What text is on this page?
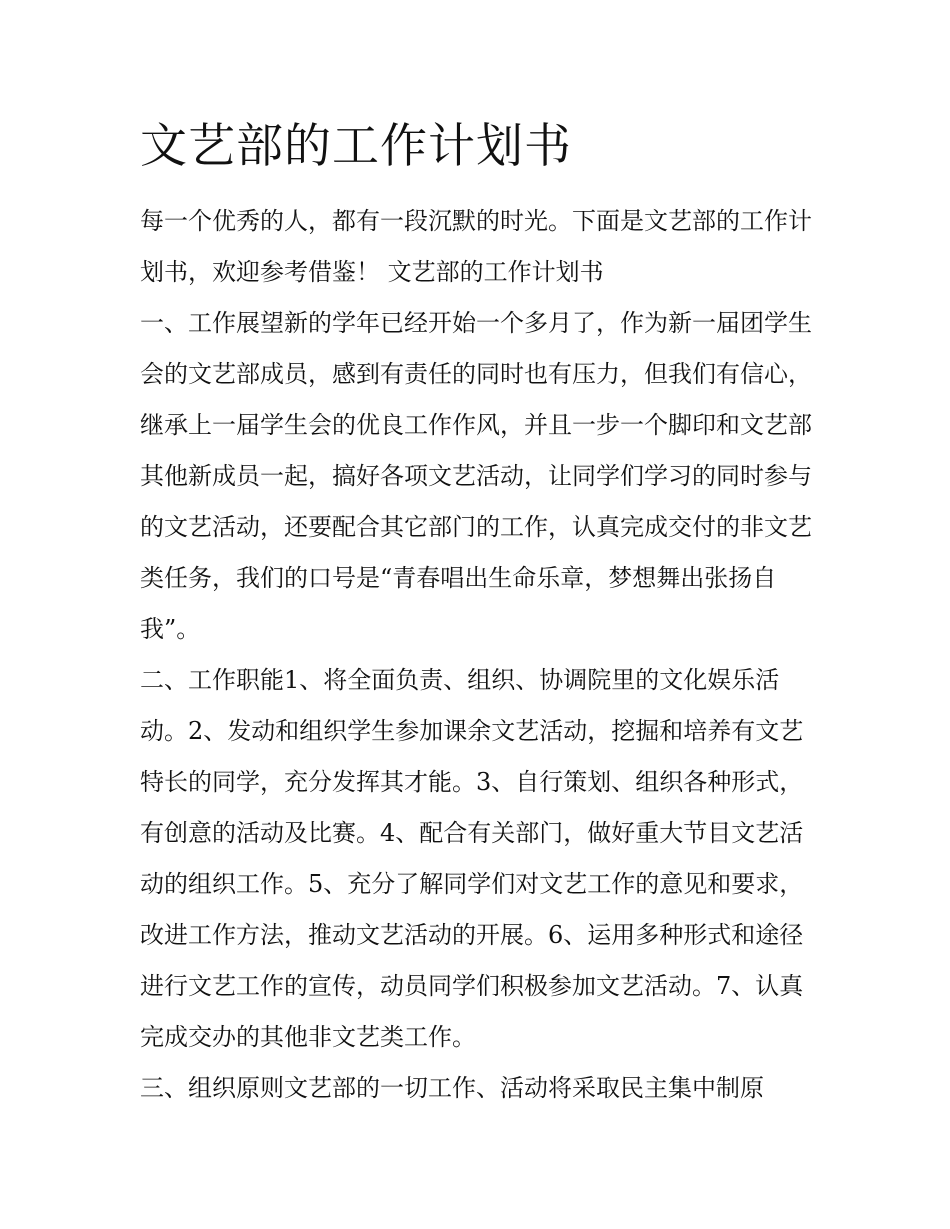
文艺部的工作计划书

每一个优秀的人，都有一段沉默的时光。下面是文艺部的工作计划书，欢迎参考借鉴！ 文艺部的工作计划书

一、工作展望新的学年已经开始一个多月了，作为新一届团学生会的文艺部成员，感到有责任的同时也有压力，但我们有信心，继承上一届学生会的优良工作作风，并且一步一个脚印和文艺部其他新成员一起，搞好各项文艺活动，让同学们学习的同时参与的文艺活动，还要配合其它部门的工作，认真完成交付的非文艺类任务，我们的口号是“青春唱出生命乐章，梦想舞出张扬自我”。

二、工作职能1、将全面负责、组织、协调院里的文化娱乐活动。2、发动和组织学生参加课余文艺活动，挖掘和培养有文艺特长的同学，充分发挥其才能。3、自行策划、组织各种形式，有创意的活动及比赛。4、配合有关部门，做好重大节目文艺活动的组织工作。5、充分了解同学们对文艺工作的意见和要求，改进工作方法，推动文艺活动的开展。6、运用多种形式和途径进行文艺工作的宣传，动员同学们积极参加文艺活动。7、认真完成交办的其他非文艺类工作。

三、组织原则文艺部的一切工作、活动将采取民主集中制原
